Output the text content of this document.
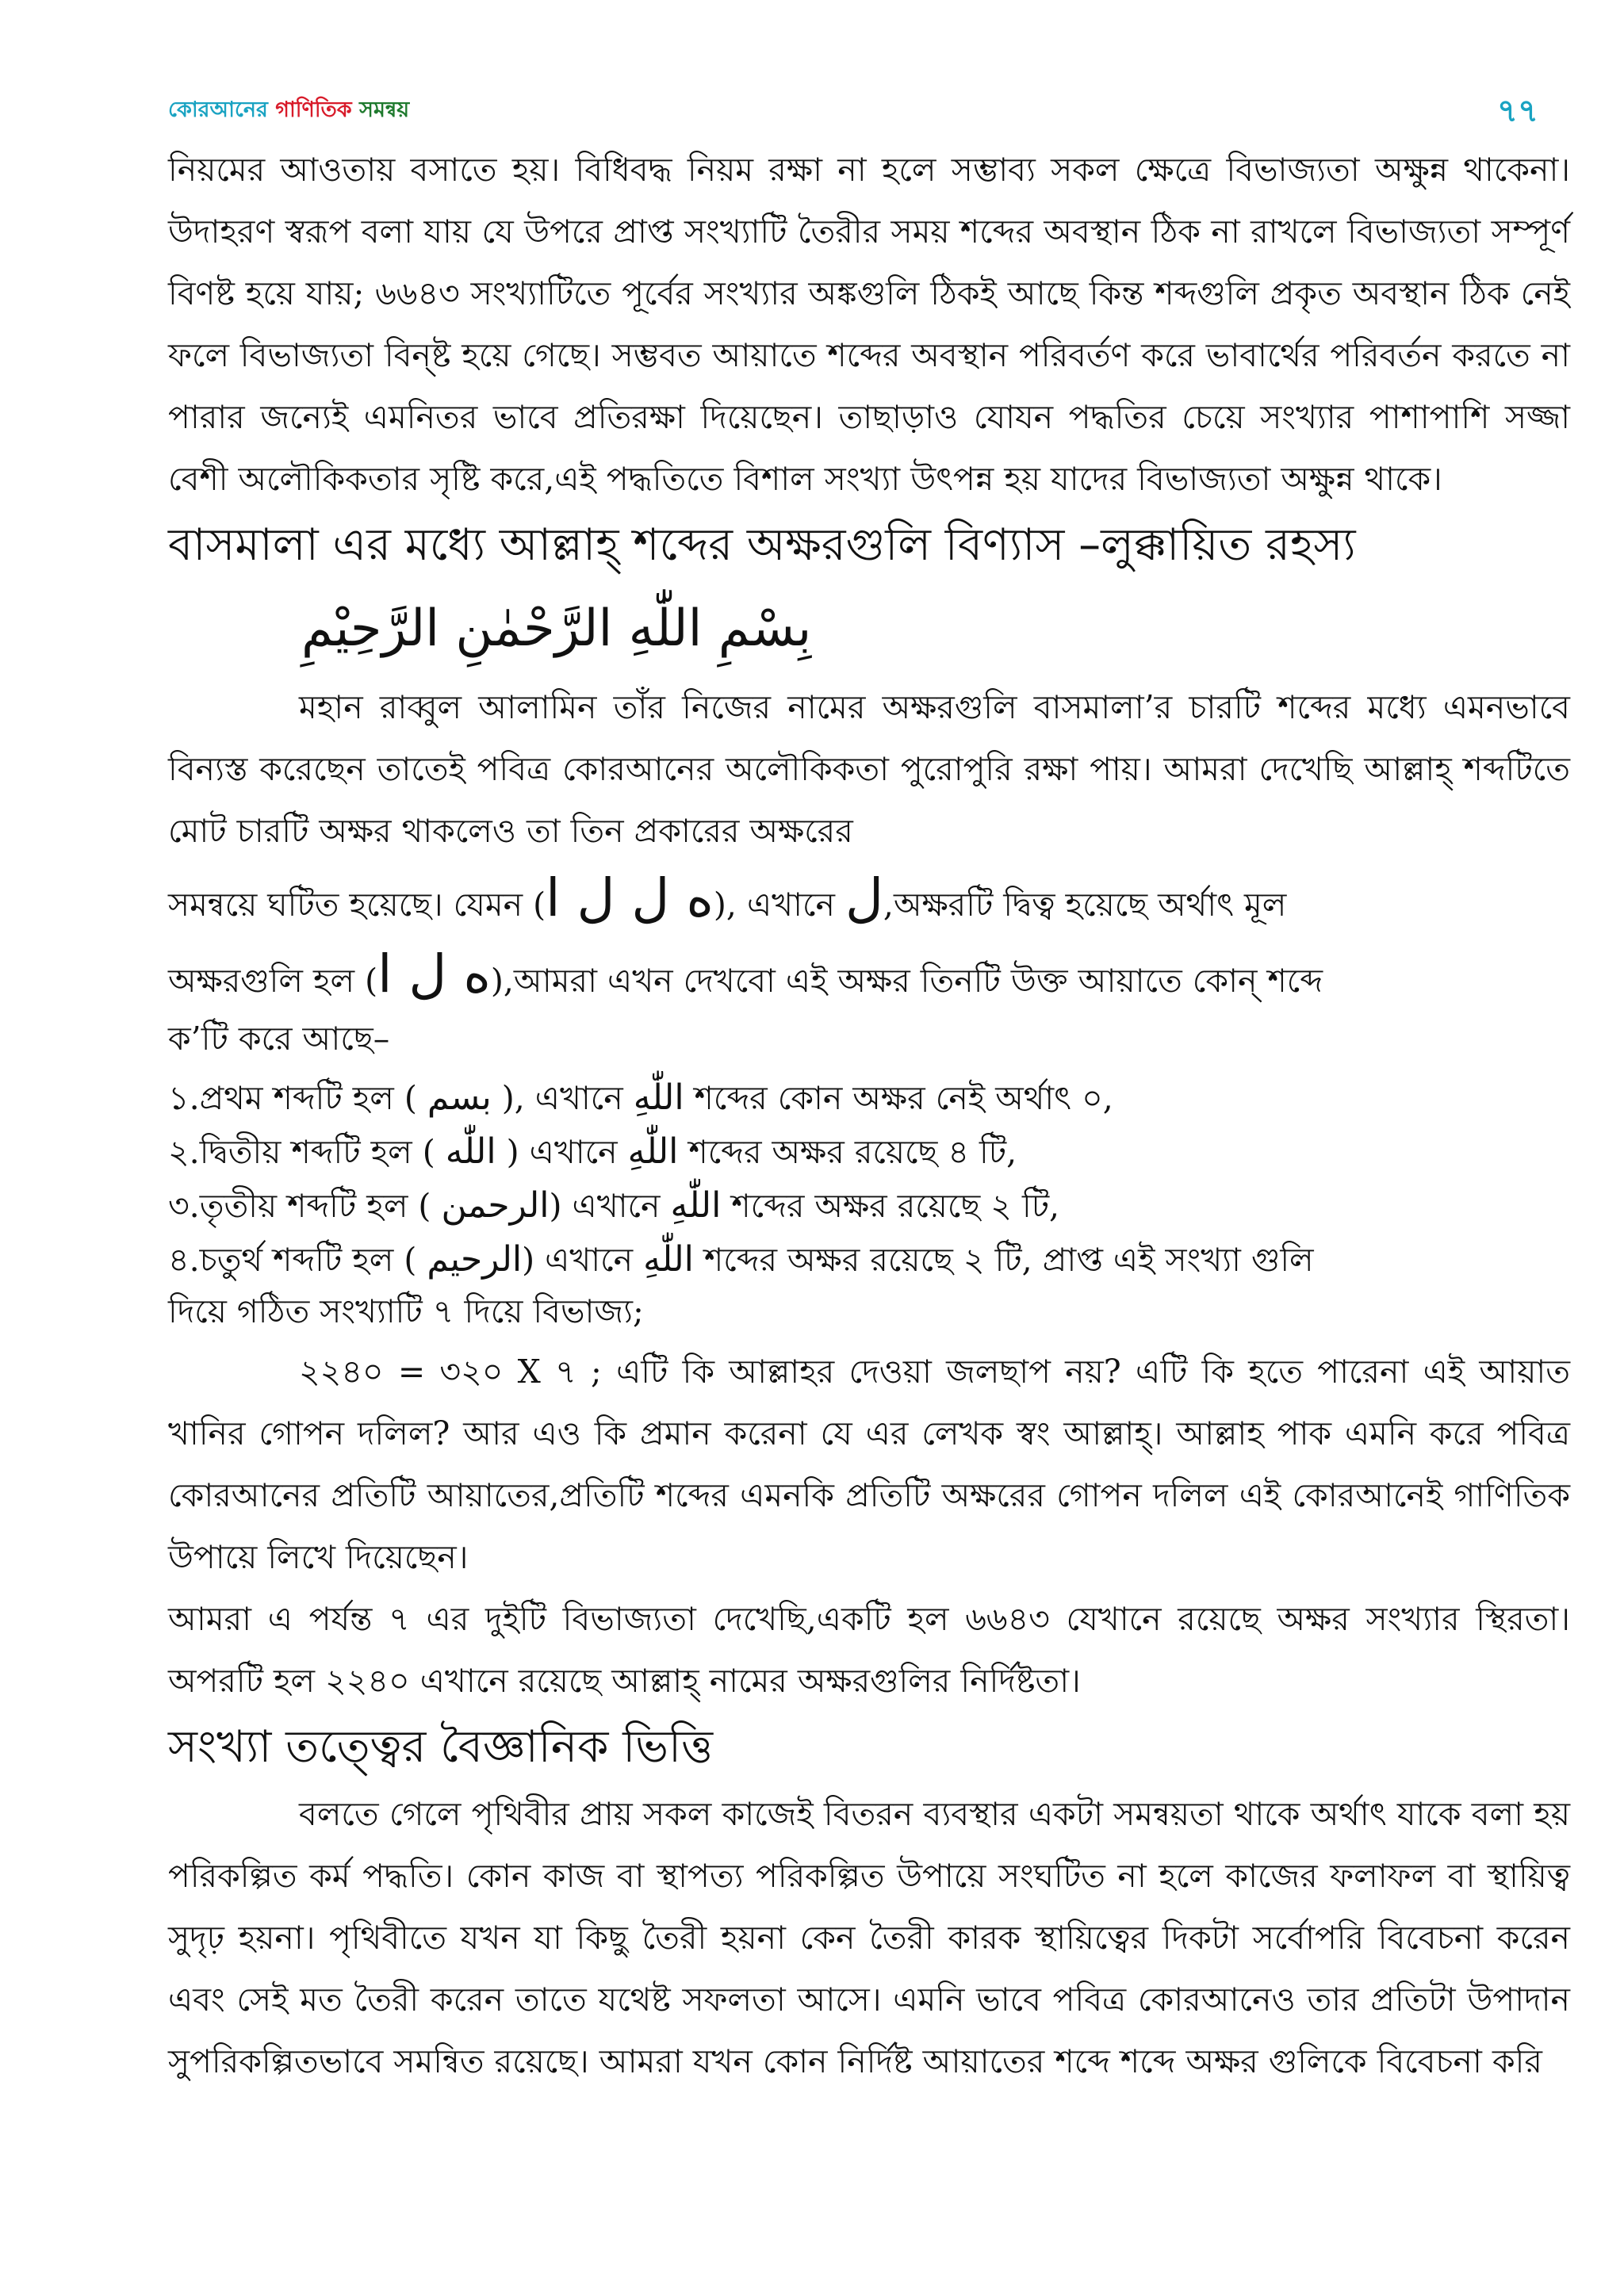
কোরআনের গাণিতিক সমন্বয়	৭৭

নিয়মের আওতায় বসাতে হয়। বিধিবদ্ধ নিয়ম রক্ষা না হলে সম্ভাব্য সকল ক্ষেত্রে বিভাজ্যতা অক্ষুন্ন থাকেনা। উদাহরণ স্বরূপ বলা যায় যে উপরে প্রাপ্ত সংখ্যাটি তৈরীর সময় শব্দের অবস্থান ঠিক না রাখলে বিভাজ্যতা সম্পূর্ণ বিণষ্ট হয়ে যায়; ৬৬৪৩ সংখ্যাটিতে পূর্বের সংখ্যার অঙ্কগুলি ঠিকই আছে কিন্ত শব্দগুলি প্রকৃত অবস্থান ঠিক নেই ফলে বিভাজ্যতা বিন্ষ্ট হয়ে গেছে। সম্ভবত আয়াতে শব্দের অবস্থান পরিবর্তণ করে ভাবার্থের পরিবর্তন করতে না পারার জন্যেই এমনিতর ভাবে প্রতিরক্ষা দিয়েছেন। তাছাড়াও যোযন পদ্ধতির চেয়ে সংখ্যার পাশাপাশি সজ্জা বেশী অলৌকিকতার সৃষ্টি করে,এই পদ্ধতিতে বিশাল সংখ্যা উৎপন্ন হয় যাদের বিভাজ্যতা অক্ষুন্ন থাকে।

বাসমালা এর মধ্যে আল্লাহ্ শব্দের অক্ষরগুলি বিণ্যাস –লুক্কায়িত রহস্য
بِسْمِ اللّٰهِ الرَّحْمٰنِ الرَّحِيْمِ

মহান রাব্বুল আলামিন তাঁর নিজের নামের অক্ষরগুলি বাসমালা’র চারটি শব্দের মধ্যে এমনভাবে বিন্যস্ত করেছেন তাতেই পবিত্র কোরআনের অলৌকিকতা পুরোপুরি রক্ষা পায়। আমরা দেখেছি আল্লাহ্ শব্দটিতে মোট চারটি অক্ষর থাকলেও তা তিন প্রকারের অক্ষরের

সমন্বয়ে ঘটিত হয়েছে। যেমন (ه ل ل ا), এখানে ل,অক্ষরটি দ্বিত্ব হয়েছে অর্থাৎ মূল

অক্ষরগুলি হল (ه ل ا),আমরা এখন দেখবো এই অক্ষর তিনটি উক্ত আয়াতে কোন্ শব্দে

ক’টি করে আছে–

১.প্রথম শব্দটি হল ( بسم ), এখানে اللّٰهِ শব্দের কোন অক্ষর নেই অর্থাৎ ০,

২.দ্বিতীয় শব্দটি হল ( اللّٰه ) এখানে اللّٰهِ শব্দের অক্ষর রয়েছে ৪ টি,

৩.তৃতীয় শব্দটি হল ( الرحمن) এখানে اللّٰهِ শব্দের অক্ষর রয়েছে ২ টি,

৪.চতুর্থ শব্দটি হল ( الرحيم) এখানে اللّٰهِ শব্দের অক্ষর রয়েছে ২ টি, প্রাপ্ত এই সংখ্যা গুলি

দিয়ে গঠিত সংখ্যাটি ৭ দিয়ে বিভাজ্য;

২২৪০ = ৩২০ X ৭ ; এটি কি আল্লাহর দেওয়া জলছাপ নয়? এটি কি হতে পারেনা এই আয়াত খানির গোপন দলিল? আর এও কি প্রমান করেনা যে এর লেখক স্বং আল্লাহ্। আল্লাহ পাক এমনি করে পবিত্র কোরআনের প্রতিটি আয়াতের,প্রতিটি শব্দের এমনকি প্রতিটি অক্ষরের গোপন দলিল এই কোরআনেই গাণিতিক উপায়ে লিখে দিয়েছেন।

আমরা এ পর্যন্ত ৭ এর দুইটি বিভাজ্যতা দেখেছি,একটি হল ৬৬৪৩ যেখানে রয়েছে অক্ষর সংখ্যার স্থিরতা। অপরটি হল ২২৪০ এখানে রয়েছে আল্লাহ্ নামের অক্ষরগুলির নির্দিষ্টতা।

সংখ্যা তত্ত্বের বৈজ্ঞানিক ভিত্তি

বলতে গেলে পৃথিবীর প্রায় সকল কাজেই বিতরন ব্যবস্থার একটা সমন্বয়তা থাকে অর্থাৎ যাকে বলা হয় পরিকল্পিত কর্ম পদ্ধতি। কোন কাজ বা স্থাপত্য পরিকল্পিত উপায়ে সংঘটিত না হলে কাজের ফলাফল বা স্থায়িত্ব সুদৃঢ় হয়না। পৃথিবীতে যখন যা কিছু তৈরী হয়না কেন তৈরী কারক স্থায়িত্বের দিকটা সর্বোপরি বিবেচনা করেন এবং সেই মত তৈরী করেন তাতে যথেষ্ট সফলতা আসে। এমনি ভাবে পবিত্র কোরআনেও তার প্রতিটা উপাদান সুপরিকল্পিতভাবে সমন্বিত রয়েছে। আমরা যখন কোন নির্দিষ্ট আয়াতের শব্দে শব্দে অক্ষর গুলিকে বিবেচনা করি
